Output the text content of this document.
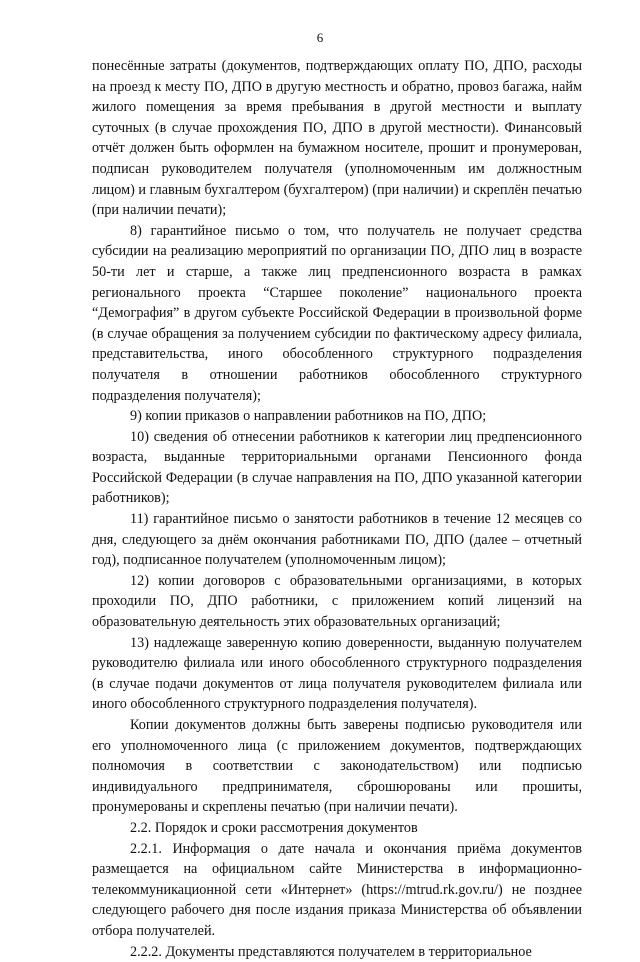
6

понесённые затраты (документов, подтверждающих оплату ПО, ДПО, расходы на проезд к месту ПО, ДПО в другую местность и обратно, провоз багажа, найм жилого помещения за время пребывания в другой местности и выплату суточных (в случае прохождения ПО, ДПО в другой местности). Финансовый отчёт должен быть оформлен на бумажном носителе, прошит и пронумерован, подписан руководителем получателя (уполномоченным им должностным лицом) и главным бухгалтером (бухгалтером) (при наличии) и скреплён печатью (при наличии печати);

8) гарантийное письмо о том, что получатель не получает средства субсидии на реализацию мероприятий по организации ПО, ДПО лиц в возрасте 50-ти лет и старше, а также лиц предпенсионного возраста в рамках регионального проекта “Старшее поколение” национального проекта “Демография” в другом субъекте Российской Федерации в произвольной форме (в случае обращения за получением субсидии по фактическому адресу филиала, представительства, иного обособленного структурного подразделения получателя в отношении работников обособленного структурного подразделения получателя);

9) копии приказов о направлении работников на ПО, ДПО;

10) сведения об отнесении работников к категории лиц предпенсионного возраста, выданные территориальными органами Пенсионного фонда Российской Федерации (в случае направления на ПО, ДПО указанной категории работников);

11) гарантийное письмо о занятости работников в течение 12 месяцев со дня, следующего за днём окончания работниками ПО, ДПО (далее – отчетный год), подписанное получателем (уполномоченным лицом);

12) копии договоров с образовательными организациями, в которых проходили ПО, ДПО работники, с приложением копий лицензий на образовательную деятельность этих образовательных организаций;

13) надлежаще заверенную копию доверенности, выданную получателем руководителю филиала или иного обособленного структурного подразделения (в случае подачи документов от лица получателя руководителем филиала или иного обособленного структурного подразделения получателя).

Копии документов должны быть заверены подписью руководителя или его уполномоченного лица (с приложением документов, подтверждающих полномочия в соответствии с законодательством) или подписью индивидуального предпринимателя, сброшюрованы или прошиты, пронумерованы и скреплены печатью (при наличии печати).

2.2. Порядок и сроки рассмотрения документов

2.2.1. Информация о дате начала и окончания приёма документов размещается на официальном сайте Министерства в информационно-телекоммуникационной сети «Интернет» (https://mtrud.rk.gov.ru/) не позднее следующего рабочего дня после издания приказа Министерства об объявлении отбора получателей.

2.2.2. Документы представляются получателем в территориальное
